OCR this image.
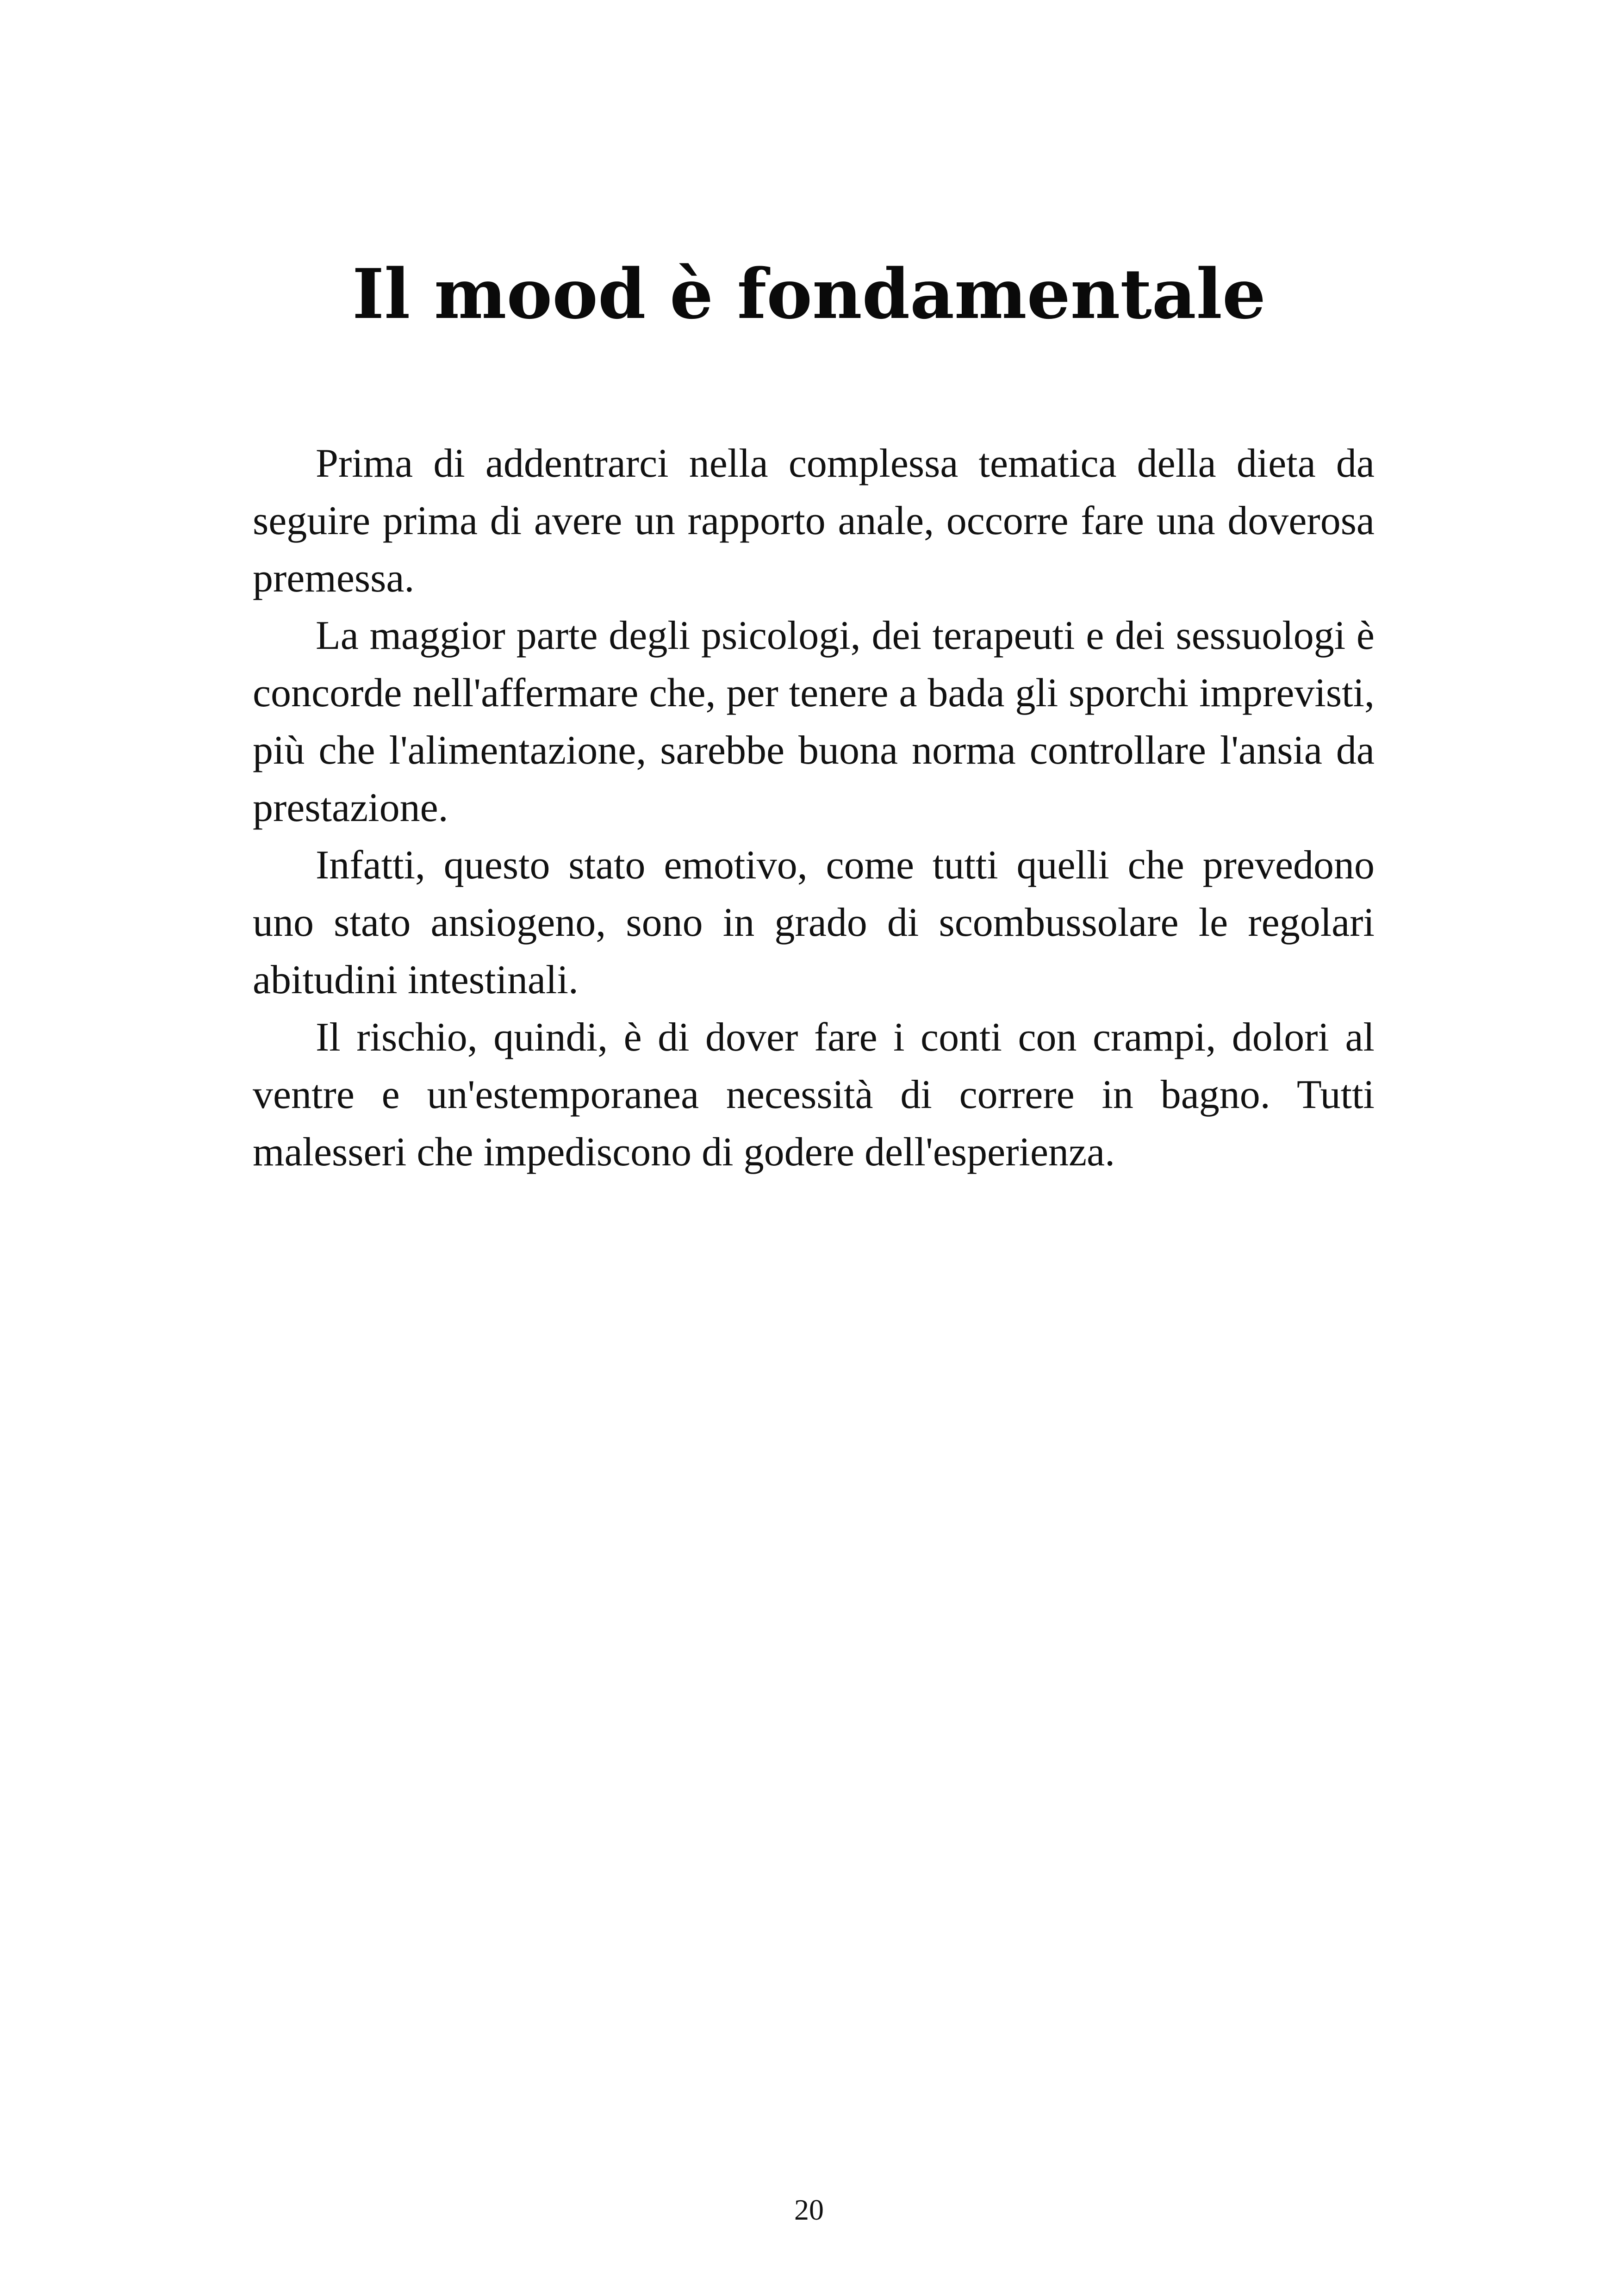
Il mood è fondamentale

Prima di addentrarci nella complessa tematica della dieta da seguire prima di avere un rapporto anale, occorre fare una doverosa premessa.

La maggior parte degli psicologi, dei terapeuti e dei sessuologi è concorde nell'affermare che, per tenere a bada gli sporchi imprevisti, più che l'alimentazione, sarebbe buona norma controllare l'ansia da prestazione.

Infatti, questo stato emotivo, come tutti quelli che prevedono uno stato ansiogeno, sono in grado di scombussolare le regolari abitudini intestinali.

Il rischio, quindi, è di dover fare i conti con crampi, dolori al ventre e un'estemporanea necessità di correre in bagno. Tutti malesseri che impediscono di godere dell'esperienza.

20
